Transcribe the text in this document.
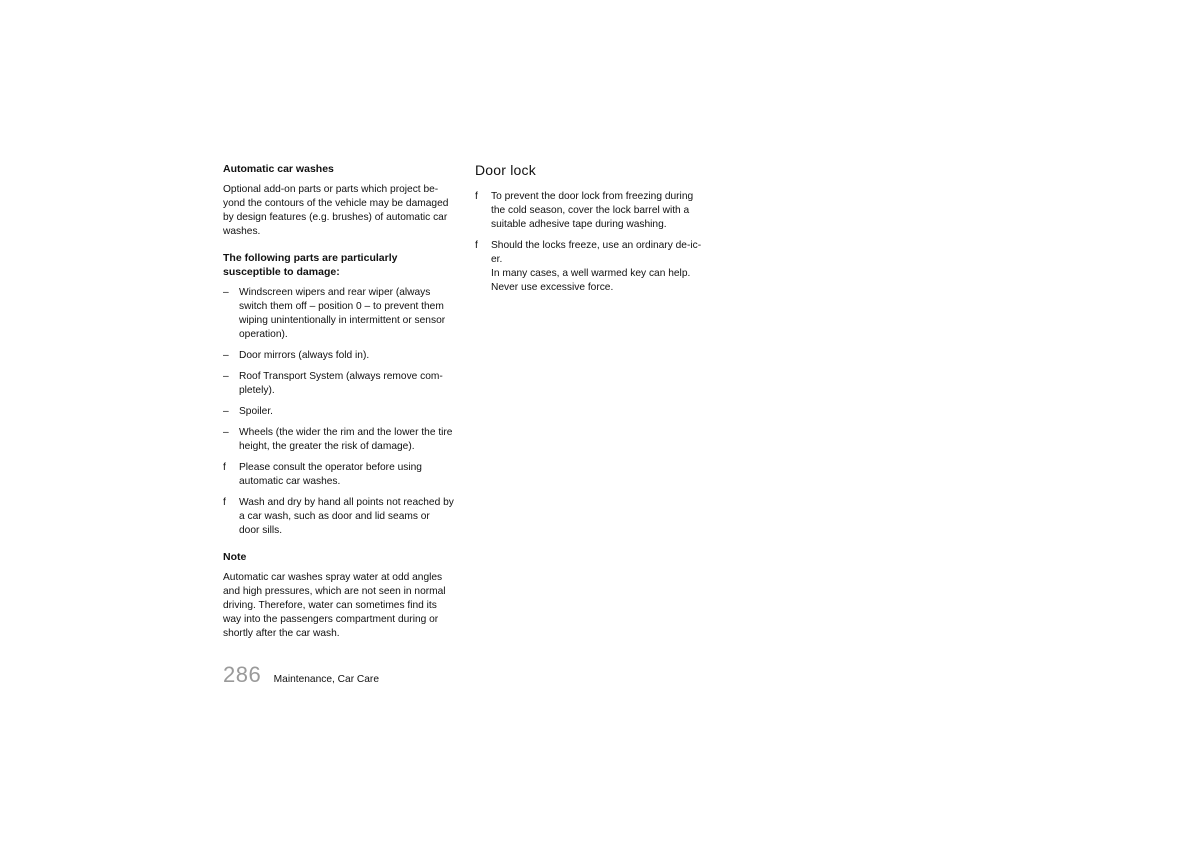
Automatic car washes

Optional add-on parts or parts which project be-
yond the contours of the vehicle may be damaged
by design features (e.g. brushes) of automatic car
washes.

The following parts are particularly
susceptible to damage:
– Windscreen wipers and rear wiper (always
switch them off – position 0 – to prevent them
wiping unintentionally in intermittent or sensor
operation).
– Door mirrors (always fold in).
– Roof Transport System (always remove com-
pletely).
– Spoiler.
– Wheels (the wider the rim and the lower the tire
height, the greater the risk of damage).
f Please consult the operator before using
automatic car washes.
f Wash and dry by hand all points not reached by
a car wash, such as door and lid seams or
door sills.
Note

Automatic car washes spray water at odd angles
and high pressures, which are not seen in normal
driving. Therefore, water can sometimes find its
way into the passengers compartment during or
shortly after the car wash.

Door lock
f To prevent the door lock from freezing during
the cold season, cover the lock barrel with a
suitable adhesive tape during washing.
f Should the locks freeze, use an ordinary de-ic-
er.
In many cases, a well warmed key can help.
Never use excessive force.
286 Maintenance, Car Care
